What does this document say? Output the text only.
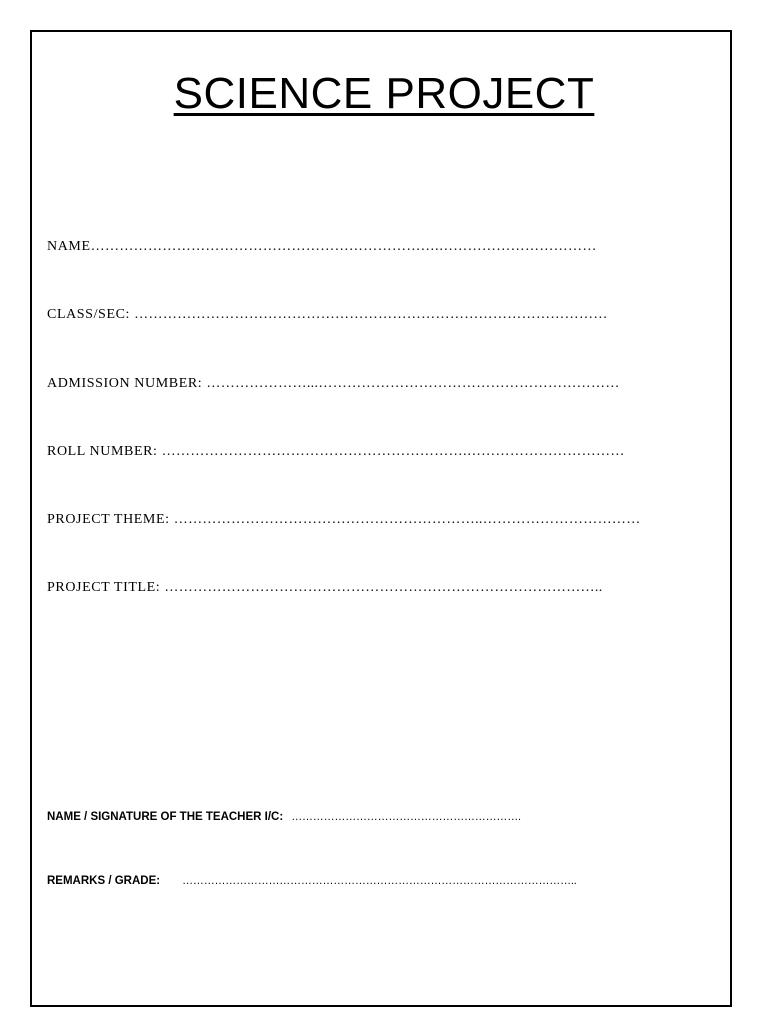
SCIENCE PROJECT
NAME……………………………………………………………….……………………………
CLASS/SEC: ………………………………………………………………………………………
ADMISSION NUMBER: …………………...………………………………………………………
ROLL NUMBER: ……………………………………………………….……………………………
PROJECT THEME: ………………………………………………………..……………………………
PROJECT TITLE: ………………………………………………………………………………..
NAME / SIGNATURE OF THE TEACHER I/C: ……………………………………………………….
REMARKS / GRADE: ………………………………………………………………………………………………..
